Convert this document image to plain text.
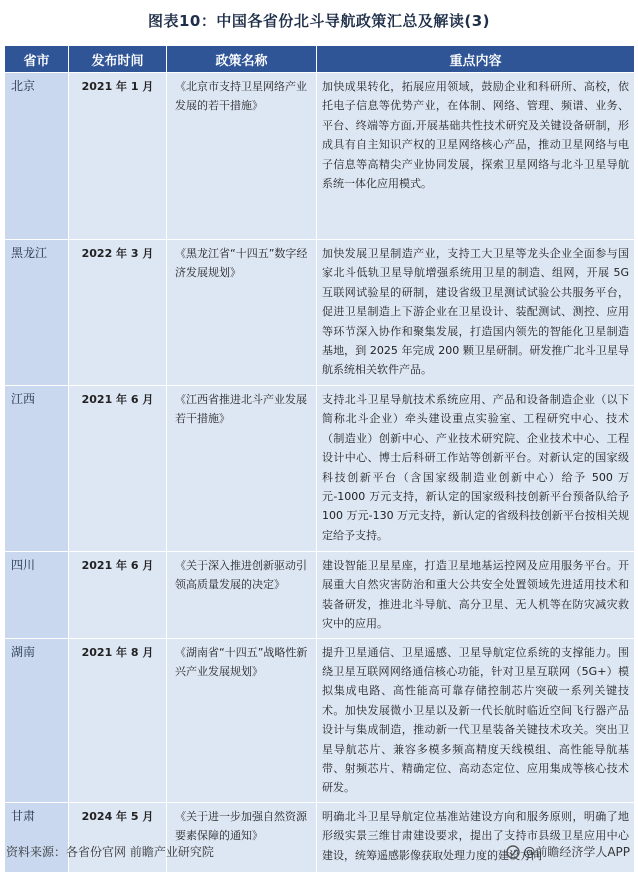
图表10：中国各省份北斗导航政策汇总及解读(3)
省市	发布时间	政策名称	重点内容
北京	2021 年 1 月	《北京市支持卫星网络产业发展的若干措施》	加快成果转化，拓展应用领域，鼓励企业和科研所、高校，依托电子信息等优势产业，在体制、网络、管理、频谱、业务、平台、终端等方面,开展基础共性技术研究及关键设备研制，形成具有自主知识产权的卫星网络核心产品，推动卫星网络与电子信息等高精尖产业协同发展，探索卫星网络与北斗卫星导航系统一体化应用模式。
黑龙江	2022 年 3 月	《黑龙江省“十四五”数字经济发展规划》	加快发展卫星制造产业，支持工大卫星等龙头企业全面参与国家北斗低轨卫星导航增强系统用卫星的制造、组网，开展 5G 互联网试验星的研制，建设省级卫星测试试验公共服务平台，促进卫星制造上下游企业在卫星设计、装配测试、测控、应用等环节深入协作和聚集发展，打造国内领先的智能化卫星制造基地，到 2025 年完成 200 颗卫星研制。研发推广北斗卫星导航系统相关软件产品。
江西	2021 年 6 月	《江西省推进北斗产业发展若干措施》	支持北斗卫星导航技术系统应用、产品和设备制造企业（以下简称北斗企业）牵头建设重点实验室、工程研究中心、技术（制造业）创新中心、产业技术研究院、企业技术中心、工程设计中心、博士后科研工作站等创新平台。对新认定的国家级科技创新平台（含国家级制造业创新中心）给予 500 万元-1000 万元支持，新认定的国家级科技创新平台预备队给予 100 万元-130 万元支持，新认定的省级科技创新平台按相关规定给予支持。
四川	2021 年 6 月	《关于深入推进创新驱动引领高质量发展的决定》	建设智能卫星星座，打造卫星地基运控网及应用服务平台。开展重大自然灾害防治和重大公共安全处置领域先进适用技术和装备研发，推进北斗导航、高分卫星、无人机等在防灾减灾救灾中的应用。
湖南	2021 年 8 月	《湖南省“十四五”战略性新兴产业发展规划》	提升卫星通信、卫星遥感、卫星导航定位系统的支撑能力。围绕卫星互联网网络通信核心功能，针对卫星互联网（5G+）模拟集成电路、高性能高可靠存储控制芯片突破一系列关键技术。加快发展微小卫星以及新一代长航时临近空间飞行器产品设计与集成制造，推动新一代卫星装备关键技术攻关。突出卫星导航芯片、兼容多模多频高精度天线模组、高性能导航基带、射频芯片、精确定位、高动态定位、应用集成等核心技术研发。
甘肃	2024 年 5 月	《关于进一步加强自然资源要素保障的通知》	明确北斗卫星导航定位基准站建设方向和服务原则，明确了地形级实景三维甘肃建设要求，提出了支持市县级卫星应用中心建设，统筹遥感影像获取处理力度的建设方向
资料来源：各省份官网 前瞻产业研究院	@前瞻经济学人APP
